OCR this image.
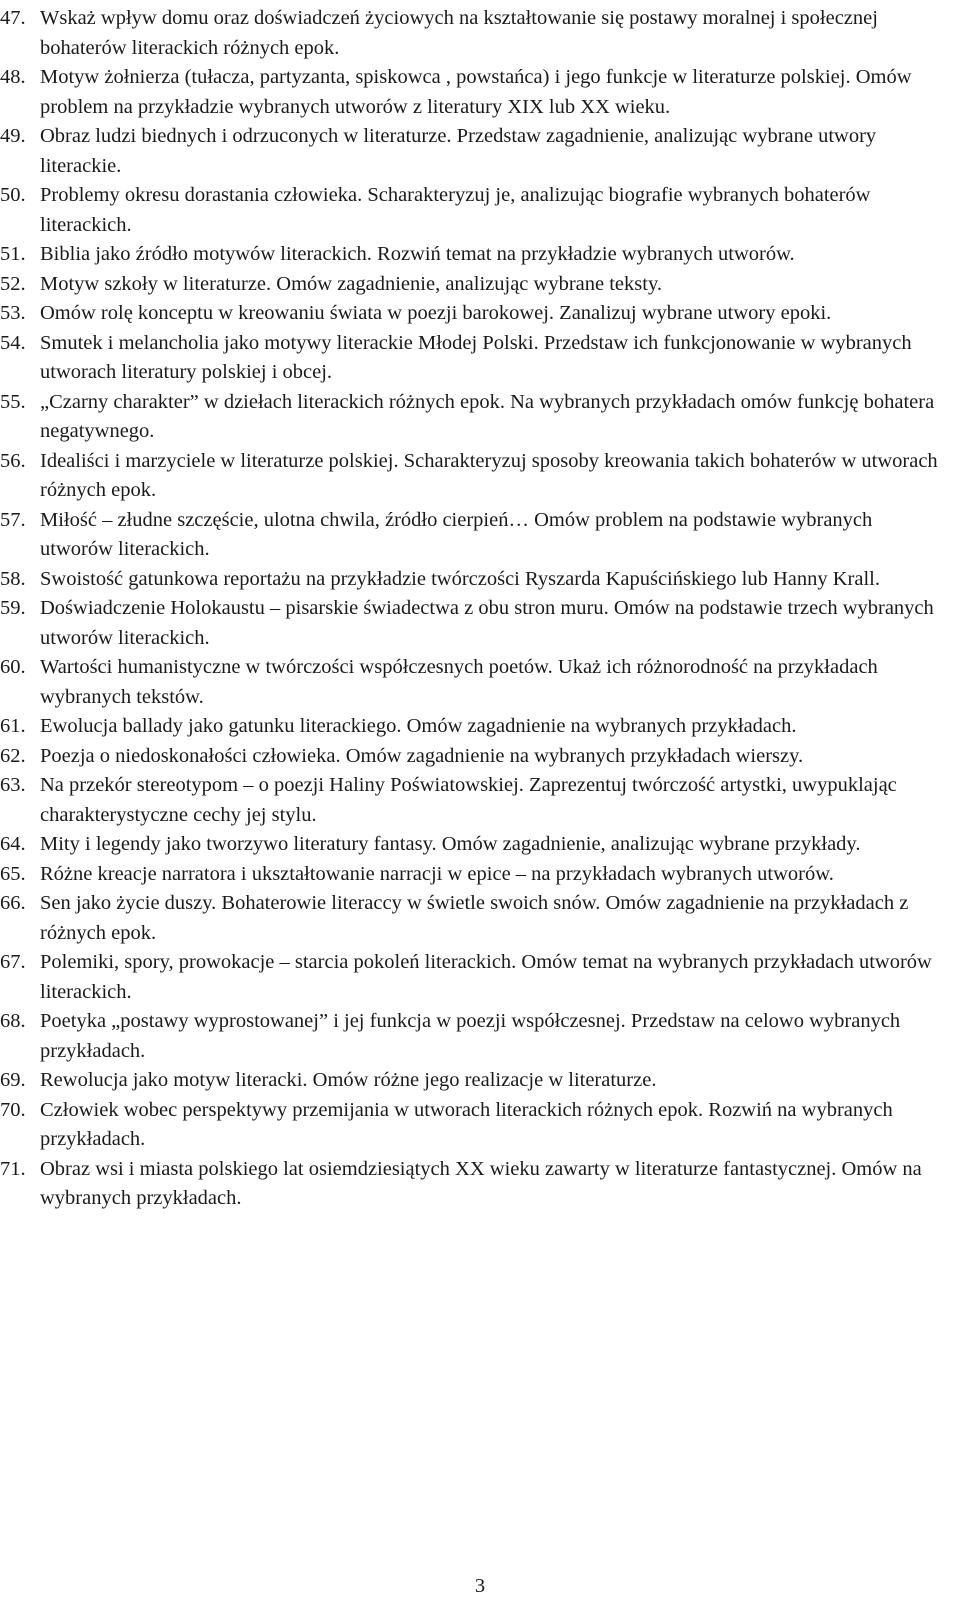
47. Wskaż wpływ domu oraz doświadczeń życiowych na kształtowanie się postawy moralnej i społecznej bohaterów literackich różnych epok.
48. Motyw żołnierza (tułacza, partyzanta, spiskowca , powstańca) i jego funkcje w literaturze polskiej. Omów problem na przykładzie wybranych utworów z literatury XIX lub XX wieku.
49. Obraz ludzi biednych i odrzuconych w literaturze. Przedstaw zagadnienie, analizując wybrane utwory literackie.
50. Problemy okresu dorastania człowieka. Scharakteryzuj je, analizując biografie wybranych bohaterów literackich.
51. Biblia jako źródło motywów literackich. Rozwiń temat na przykładzie wybranych utworów.
52. Motyw szkoły w literaturze. Omów zagadnienie, analizując wybrane teksty.
53. Omów rolę konceptu w kreowaniu świata w poezji barokowej. Zanalizuj wybrane utwory epoki.
54. Smutek i melancholia jako motywy literackie Młodej Polski. Przedstaw ich funkcjonowanie w wybranych utworach literatury polskiej i obcej.
55. „Czarny charakter” w dziełach literackich różnych epok. Na wybranych przykładach omów funkcję bohatera negatywnego.
56. Idealiści i marzyciele w literaturze polskiej. Scharakteryzuj sposoby kreowania takich bohaterów w utworach różnych epok.
57. Miłość – złudne szczęście, ulotna chwila, źródło cierpień… Omów problem na podstawie wybranych utworów literackich.
58. Swoistość gatunkowa reportażu na przykładzie twórczości Ryszarda Kapuścińskiego lub Hanny Krall.
59. Doświadczenie Holokaustu – pisarskie świadectwa z obu stron muru. Omów na podstawie trzech wybranych utworów literackich.
60. Wartości humanistyczne w twórczości współczesnych poetów. Ukaż ich różnorodność na przykładach wybranych tekstów.
61. Ewolucja ballady jako gatunku literackiego. Omów zagadnienie na wybranych przykładach.
62. Poezja o niedoskonałości człowieka. Omów zagadnienie na wybranych przykładach wierszy.
63. Na przekór stereotypom – o poezji Haliny Poświatowskiej. Zaprezentuj twórczość artystki, uwypuklając charakterystyczne cechy jej stylu.
64. Mity i legendy jako tworzywo literatury fantasy. Omów zagadnienie, analizując wybrane przykłady.
65. Różne kreacje narratora i ukształtowanie narracji w epice – na przykładach wybranych utworów.
66. Sen jako życie duszy. Bohaterowie literaccy w świetle swoich snów. Omów zagadnienie na przykładach z różnych epok.
67. Polemiki, spory, prowokacje – starcia pokoleń literackich. Omów temat na wybranych przykładach utworów literackich.
68. Poetyka „postawy wyprostowanej” i jej funkcja w poezji współczesnej. Przedstaw na celowo wybranych przykładach.
69. Rewolucja jako motyw literacki. Omów różne jego realizacje w literaturze.
70. Człowiek wobec perspektywy przemijania w utworach literackich różnych epok. Rozwiń na wybranych przykładach.
71. Obraz wsi i miasta polskiego lat osiemdziesiątych XX wieku zawarty w literaturze fantastycznej. Omów na wybranych przykładach.
3
